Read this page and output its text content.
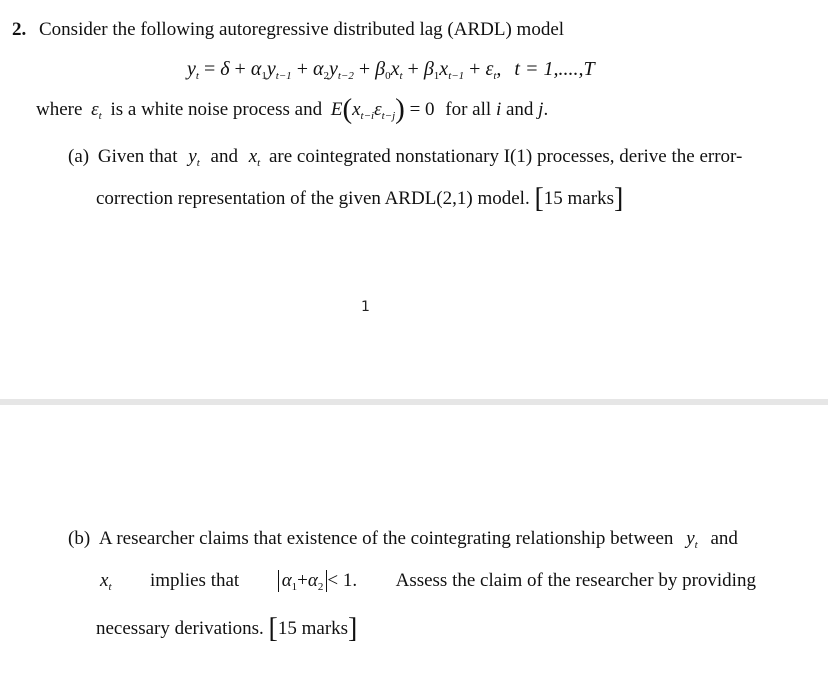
2. Consider the following autoregressive distributed lag (ARDL) model
$y_t = \delta + \alpha_1y_{t-1} + \alpha_2y_{t-2} + \beta_0x_t + \beta_1x_{t-1} + \varepsilon_t$, t = 1,....,T
where $\varepsilon_t$ is a white noise process and $E(x_{t-i}\varepsilon_{t-j}) = 0$ for all i and j.
(a) Given that $y_t$ and $x_t$ are cointegrated nonstationary I(1) processes, derive the error-
correction representation of the given ARDL(2,1) model. [15 marks]
1
(b) A researcher claims that existence of the cointegrating relationship between $y_t$ and
$x_t$ implies that $\alpha_1+\alpha_2 < 1$. Assess the claim of the researcher by providing
necessary derivations. [15 marks]
